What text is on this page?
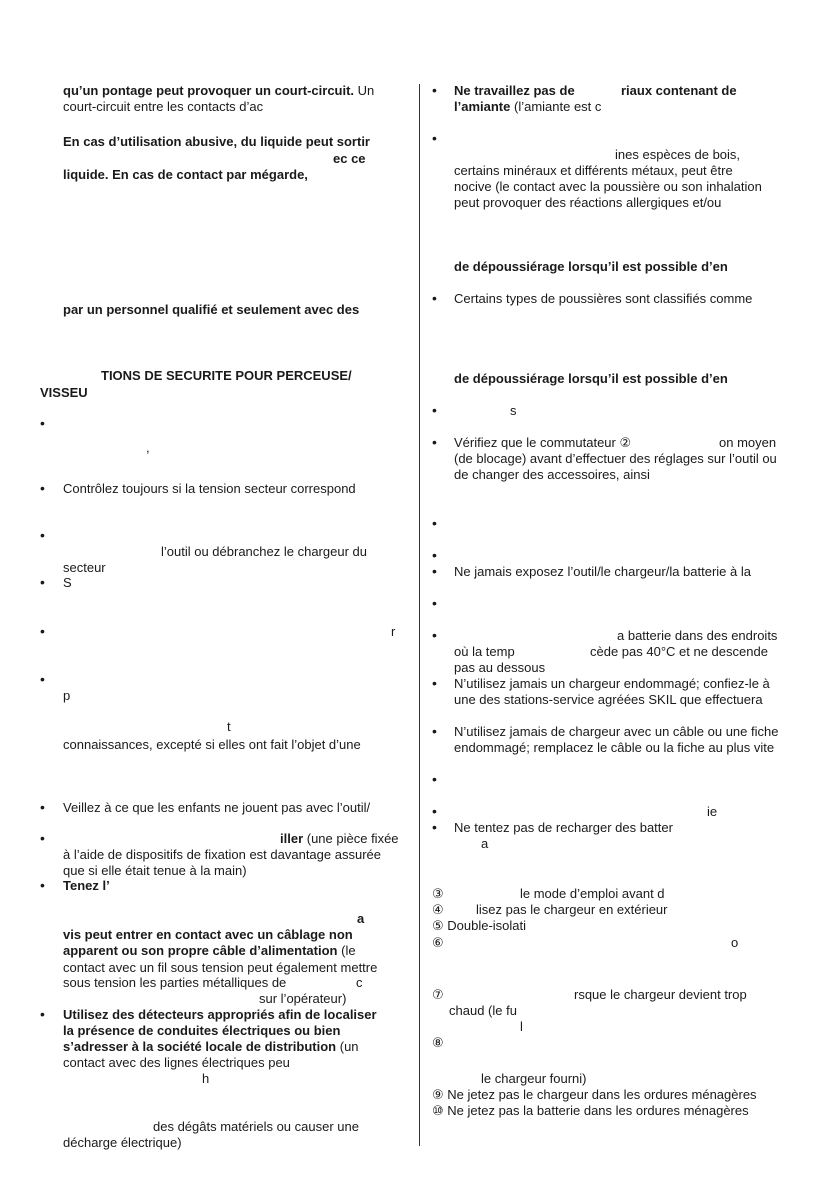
qu’un pontage peut provoquer un court-circuit. Un
court-circuit entre les contacts d’ac
En cas d’utilisation abusive, du liquide peut sortir
ec ce
liquide. En cas de contact par mégarde,
par un personnel qualifié et seulement avec des
TIONS DE SECURITE POUR PERCEUSE/
VISSEU
•
,
• Contrôlez toujours si la tension secteur correspond
•
l’outil ou débranchez le chargeur du
secteur
• S
•	r
•
p
t
connaissances, excepté si elles ont fait l’objet d’une
• Veillez à ce que les enfants ne jouent pas avec l’outil/
•	iller (une pièce fixée
à l’aide de dispositifs de fixation est davantage assurée
que si elle était tenue à la main)
• Tenez l’
a
vis peut entrer en contact avec un câblage non
apparent ou son propre câble d’alimentation (le
contact avec un fil sous tension peut également mettre
sous tension les parties métalliques de	c
sur l’opérateur)
• Utilisez des détecteurs appropriés afin de localiser
la présence de conduites électriques ou bien
s’adresser à la société locale de distribution (un
contact avec des lignes électriques peu
h
des dégâts matériels ou causer une
décharge électrique)
• Ne travaillez pas de	riaux contenant de
l’amiante (l’amiante est c
•
ines espèces de bois,
certains minéraux et différents métaux, peut être
nocive (le contact avec la poussière ou son inhalation
peut provoquer des réactions allergiques et/ou
de dépoussiérage lorsqu’il est possible d’en
• Certains types de poussières sont classifiés comme
de dépoussiérage lorsqu’il est possible d’en
•	s
• Vérifiez que le commutateur ②	on moyen
(de blocage) avant d’effectuer des réglages sur l’outil ou
de changer des accessoires, ainsi
•
•
• Ne jamais exposez l’outil/le chargeur/la batterie à la
•
•	a batterie dans des endroits
où la temp	cède pas 40°C et ne descende
pas au dessous
• N’utilisez jamais un chargeur endommagé; confiez-le à
une des stations-service agréées SKIL que effectuera
• N’utilisez jamais de chargeur avec un câble ou une fiche
endommagé; remplacez le câble ou la fiche au plus vite
•
•	ie
• Ne tentez pas de recharger des batter
a
③	le mode d’emploi avant d
④ lisez pas le chargeur en extérieur
⑤ Double-isolati
⑥	o
⑦	rsque le chargeur devient trop
chaud (le fu
l
⑧
le chargeur fourni)
⑨ Ne jetez pas le chargeur dans les ordures ménagères
⑩ Ne jetez pas la batterie dans les ordures ménagères
